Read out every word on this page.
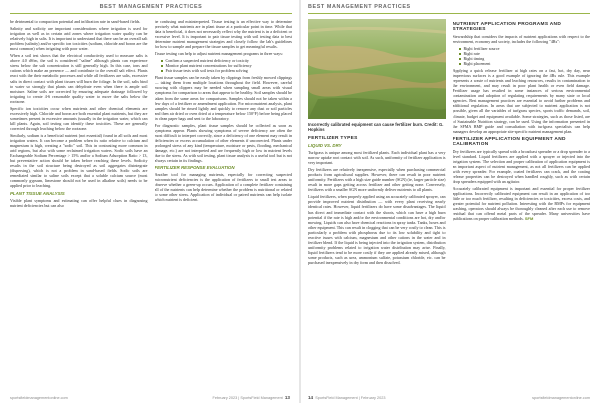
BEST MANAGEMENT PRACTICES

be detrimental to compaction potential and infiltration rate in sand-based fields.

Salinity and sodicity are important considerations where irrigation is used for irrigation as well as in certain arid zones where irrigation water quality can be relatively high in salts. It is important to understand that there can be an overall salt problem (salinity) and/or specific ion toxicities (sodium, chloride and boron are the most common) when irrigating with poor water.

When a soil test shows that the electrical conductivity used to measure salts is above 4.0 dS/m, the soil is considered "saline" although plants can experience stress below the salt concentration is still generally high. In this case, ions and cations which make an presence — and contribute to the overall salt effect. Plants react with the their metabolic processes and while all fertilizers are salts, excessive salts in direct contact with plant tissues will burn the foliage. In the soil, salts bind to water so strongly that plants can dehydrate even when there is ample soil moisture. Saline soils are corrected by ensuring adequate drainage followed by irrigating to create 4-6 reasonable quality water to move the salts below the rootzone.

Specific ion toxicities occur when nutrients and other chemical elements are excessively high. Chloride and boron are both essential plant nutrients, but they are sometimes present in excessive amounts (usually in the irrigation water, which can kill plants. Again, soil testing can identify these toxicities. These are generally corrected through leaching below the rootzone.

Similarly, sodium is a beneficial nutrient (not essential) found in all soils and most irrigation waters. It can become a problem when its ratio relative to calcium and magnesium is high, creating a "sodic" soil. This in contrasting more common in arid regions, but also with some reclaimed irrigation waters. Sodic soils have an Exchangeable Sodium Percentage > 15% and/or a Sodium Adsorption Ratio > 13, but preventative action should be taken before reaching these levels. Sodicity results in the soil structure being destroyed as soil aggregates disintegrate (dispersing), which is not a problem in sand-based fields. Sodic soils are remediated similar to saline soils except that a soluble calcium source (most commonly gypsum, limestone should not be used in alkaline soils) needs to be applied prior to leaching.

PLANT TISSUE ANALYSIS

Visible plant symptoms and estimating can offer helpful clues in diagnosing nutrient deficiencies but can also

be confusing and misinterpreted. Tissue testing is an effective way to determine precisely what nutrients are in plant tissue at a particular point in time. While that data is beneficial, it does not necessarily reflect why the nutrient is in a deficient or excessive level. It is important to pair tissue testing with soil testing data to best determine nutrient management strategies and closely follow the lab's guidelines for how to sample and prepare the tissue samples to get meaningful results.

Tissue testing can help to adjust nutrient management programs in three ways:

Confirm a suspected nutrient deficiency or toxicity
Monitor plant nutrient concentrations for sufficiency
Pair tissue tests with soil tests for problem solving

Plant tissue samples can be easily taken by clippings from freshly mowed clippings — taking them from multiple locations throughout the field. However, careful mowing with clippers may be needed when sampling small areas with visual symptoms for comparison to areas that appear to be healthy. Soil samples should be taken from the same areas for comparisons. Samples should not be taken within a few days of a fertilizer or amendment application. For micronutrient analysis, plant samples should be rinsed lightly and quickly to remove any dust or soil particles and then air dried or oven dried at a temperature below 150°F) before being placed in clean paper bags and sent to the laboratory.

For diagnostic samples, plant tissue samples should be collected as soon as symptoms appear. Plants showing symptoms of severe deficiency are often the most difficult to interpret correctly, since a deficiency of one element may result in deficiencies or excess accumulation of other elements if uncorrected. Plants under prolonged stress of any kind (temperature, moisture or pests, flooding, mechanical damage, etc.) are not interpreted and are frequently high or low in nutrient levels due to the stress. As with soil testing, plant tissue analysis is a useful tool but is not always certain in its findings.

FERTILIZER RESPONSE EVALUATION

Another tool for managing nutrients, especially for correcting suspected micronutrient deficiencies is the application of fertilizers to small test areas to observe whether a green-up occurs. Application of a complete fertilizer containing all of the nutrients can help determine whether the problem is nutritional or related to some other stress. Application of individual or paired nutrients can help isolate which nutrient is deficient.

sportsfieldmanagementonline.com	February 2023 | SportsField Management 13
BEST MANAGEMENT PRACTICES
Incorrectly calibrated equipment can cause fertilizer burn. Credit: G. Hopkins
FERTILIZER TYPES
LIQUID VS. DRY

Turfgrass is unique among most fertilized plants. Each individual plant has a very narrow uptake root contact with soil. As such, uniformity of fertilizer application is very important.

Dry fertilizers are relatively inexpensive, especially when purchasing commercial products from agricultural supplies. However, there can result in poor nutrient uniformity. Fertilizers with a high size guide number (SGN) (ie, larger particle size) result in more gaps getting across fertilizer and other getting none. Conversely, fertilizers with a smaller SGN more uniformly deliver nutrients to all plants.

Liquid fertilizers, when properly applied using an accurately calibrated sprayer, can provide improved nutrient distribution — with every plant receiving nearly identical rates. However, liquid fertilizers do have some disadvantages. The liquid has direct and immediate contact with the shoots, which can have a high burn potential if the rate is high and/or the environmental conditions are hot, dry and/or mowing. Liquids can also have chemical reactions in spray tanks. Tanks, hoses and other equipment. This can result in clogging that can be very costly to clean. This is particularly a problem with phosphorus due to its low solubility and tight to reactive issues with calcium, magnesium and other cations in the water and in fertilizer blend. If the liquid is being injected into the irrigation system, distribution uniformity problems related to irrigation water distribution may arise. Finally, liquid fertilizers tend to be more costly if they are applied already mixed, although some products, such as urea, ammonium sulfate, potassium chloride, etc. can be purchased inexpensively in dry form and then dissolved.

NUTRIENT APPLICATION PROGRAMS AND STRATEGIES

Stewardship that considers the impacts of nutrient applications with respect to the environment, economy and society, includes the following "4Rs":

Right fertilizer source
Right rate
Right timing
Right placement

Applying a quick release fertilizer at high rates on a fast, hot, dry day, near impervious surfaces is a good example of ignoring the 4Rs rule. This example represents a waste of nutrients and leaching resources, results in contamination to the environment, and may result in poor plant health or even field damage. Fertilizer usage has resulted in some instances of serious environmental contamination and adoption of regulating requirements by many state or local agencies. Best management practices are essential to avoid further problems and additional regulation. In areas that are subjected to nutrient application is not possible, given all the variables of turfgrass species, sports traffic demands, soil, climate, budget and equipment available. Some strategies, such as those listed, are of Sustainable Nutrition strategy, can be used. Using the information presented in the SFMA BMP guide and consultation with turfgrass specialists can help managers develop an appropriate site-specific nutrient management plan.

FERTILIZER APPLICATION EQUIPMENT AND CALIBRATION

Dry fertilizers are typically spread with a broadcast spreader or a drop spreader to a level standard. Liquid fertilizers are applied with a sprayer or injected into the irrigation system. The selection and proper calibration of application equipment is an important aspect of nutrient management, as not all fertilizers can be applied with every spreader. For example, coated fertilizers can crack, and the coating release properties can be destroyed when handled roughly, such as with certain drop spreaders equipped with an agitator.

Accurately calibrated equipment is important and essential for proper fertilizer applications. Incorrectly calibrated equipment can result in an application of too little or too much fertilizer, resulting in deficiencies or toxicities, excess costs, and greater potential for nutrient pollution. Interesting with the BMPs for equipment washing, operators should always be thoroughly cleaned after each use to remove residual that can offend metal parts of the spreader. Many universities have publications on proper calibration methods. SFM

14 SportsField Management | February 2023	sportsfieldmanagementonline.com
